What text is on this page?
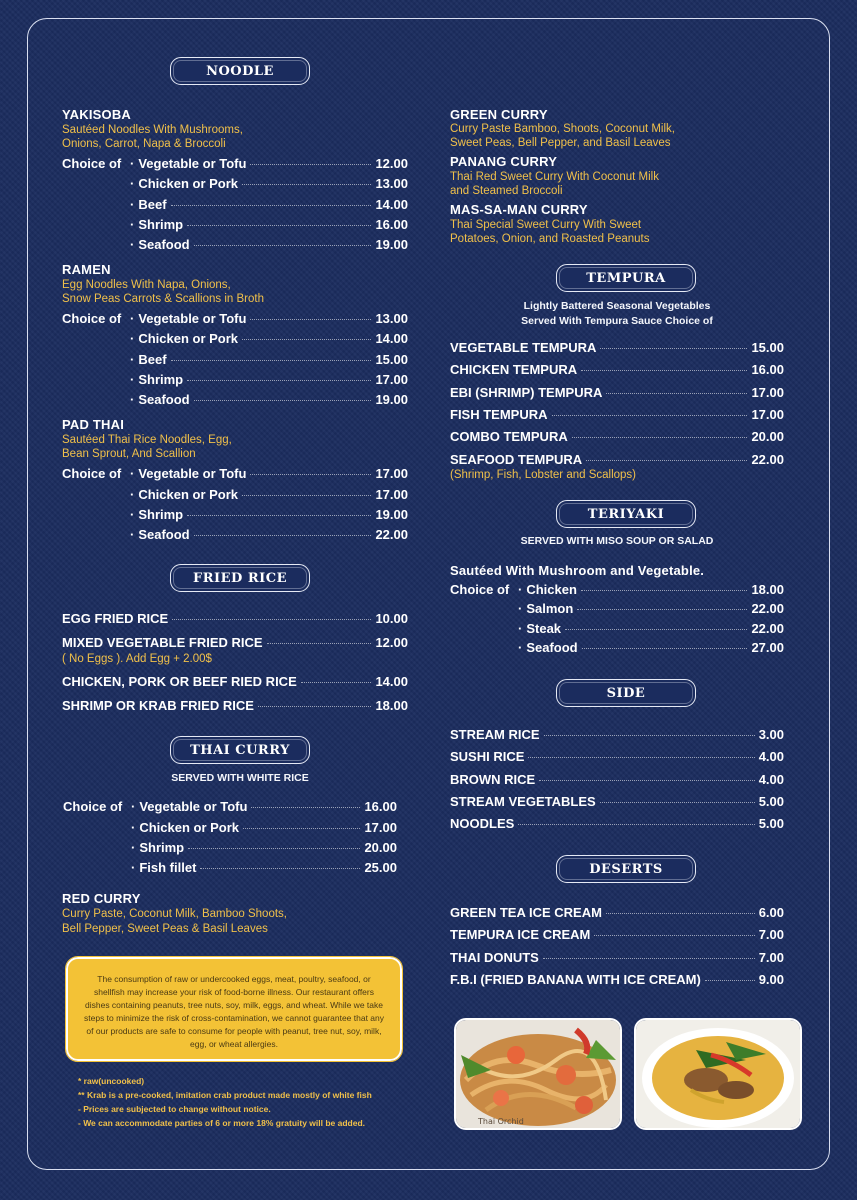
NOODLE
YAKISOBA
Sautéed Noodles With Mushrooms,
Onions, Carrot, Napa & Broccoli
Choice of · Vegetable or Tofu	12.00
· Chicken or Pork	13.00
· Beef	14.00
· Shrimp	16.00
· Seafood	19.00
RAMEN
Egg Noodles With Napa, Onions,
Snow Peas Carrots & Scallions in Broth
Choice of · Vegetable or Tofu	13.00
· Chicken or Pork	14.00
· Beef	15.00
· Shrimp	17.00
· Seafood	19.00
PAD THAI
Sautéed Thai Rice Noodles, Egg,
Bean Sprout, And Scallion
Choice of · Vegetable or Tofu	17.00
· Chicken or Pork	17.00
· Shrimp	19.00
· Seafood	22.00
FRIED RICE
EGG FRIED RICE	10.00
MIXED VEGETABLE FRIED RICE	12.00
( No Eggs ). Add Egg + 2.00$
CHICKEN, PORK OR BEEF RIED RICE	14.00
SHRIMP OR KRAB FRIED RICE	18.00
THAI CURRY
SERVED WITH WHITE RICE
Choice of · Vegetable or Tofu	16.00
· Chicken or Pork	17.00
· Shrimp	20.00
· Fish fillet	25.00
RED CURRY
Curry Paste, Coconut Milk, Bamboo Shoots,
Bell Pepper, Sweet Peas & Basil Leaves
The consumption of raw or undercooked eggs, meat, poultry, seafood, or shellfish may increase your risk of food-borne illness. Our restaurant offers dishes containing peanuts, tree nuts, soy, milk, eggs, and wheat. While we take steps to minimize the risk of cross-contamination, we cannot guarantee that any of our products are safe to consume for people with peanut, tree nut, soy, milk, egg, or wheat allergies.
* raw(uncooked)
** Krab is a pre-cooked, imitation crab product made mostly of white fish
- Prices are subjected to change without notice.
- We can accommodate parties of 6 or more 18% gratuity will be added.
GREEN CURRY
Curry Paste Bamboo, Shoots, Coconut Milk,
Sweet Peas, Bell Pepper, and Basil Leaves
PANANG CURRY
Thai Red Sweet Curry With Coconut Milk
and Steamed Broccoli
MAS-SA-MAN CURRY
Thai Special Sweet Curry With Sweet
Potatoes, Onion, and Roasted Peanuts
TEMPURA
Lightly Battered Seasonal Vegetables
Served With Tempura Sauce Choice of
VEGETABLE TEMPURA	15.00
CHICKEN TEMPURA	16.00
EBI (SHRIMP) TEMPURA	17.00
FISH TEMPURA	17.00
COMBO TEMPURA	20.00
SEAFOOD TEMPURA	22.00
(Shrimp, Fish, Lobster and Scallops)
TERIYAKI
SERVED WITH MISO SOUP OR SALAD
Sautéed With Mushroom and Vegetable.
Choice of · Chicken	18.00
· Salmon	22.00
· Steak	22.00
· Seafood	27.00
SIDE
STREAM RICE	3.00
SUSHI RICE	4.00
BROWN RICE	4.00
STREAM VEGETABLES	5.00
NOODLES	5.00
DESERTS
GREEN TEA ICE CREAM	6.00
TEMPURA ICE CREAM	7.00
THAI DONUTS	7.00
F.B.I (FRIED BANANA WITH ICE CREAM)	9.00
Thai Orchid
